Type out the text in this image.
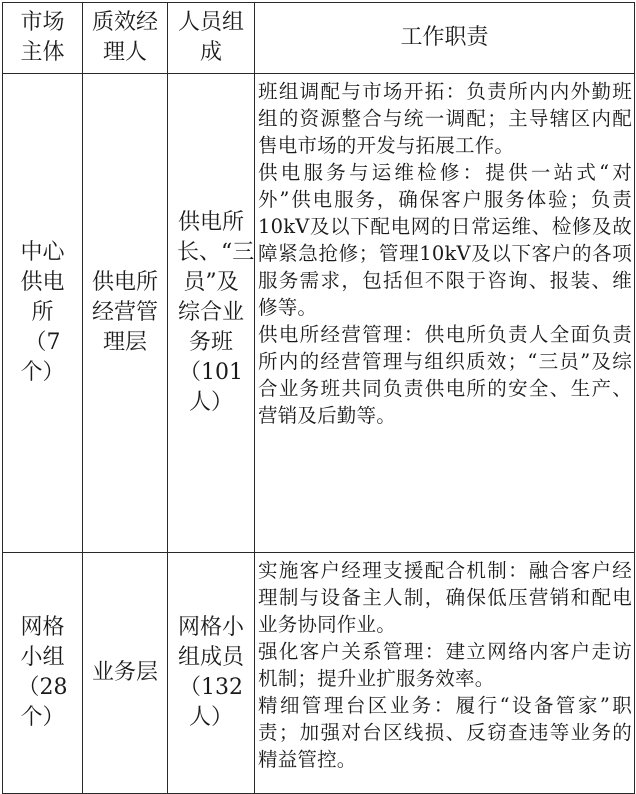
市场主体	质效经理人	人员组成	工作职责

中心供电所（7个）	供电所经营管理层	供电所长、“三员”及综合业务班（101人）	班组调配与市场开拓：负责所内内外勤班组的资源整合与统一调配；主导辖区内配售电市场的开发与拓展工作。
供电服务与运维检修：提供一站式“对外”供电服务，确保客户服务体验；负责10kV及以下配电网的日常运维、检修及故障紧急抢修；管理10kV及以下客户的各项服务需求，包括但不限于咨询、报装、维修等。
供电所经营管理：供电所负责人全面负责所内的经营管理与组织质效；“三员”及综合业务班共同负责供电所的安全、生产、营销及后勤等。

网格小组（28个）	业务层	网格小组成员（132人）	实施客户经理支援配合机制：融合客户经理制与设备主人制，确保低压营销和配电业务协同作业。
强化客户关系管理：建立网络内客户走访机制；提升业扩服务效率。
精细管理台区业务：履行“设备管家”职责；加强对台区线损、反窃查违等业务的精益管控。
